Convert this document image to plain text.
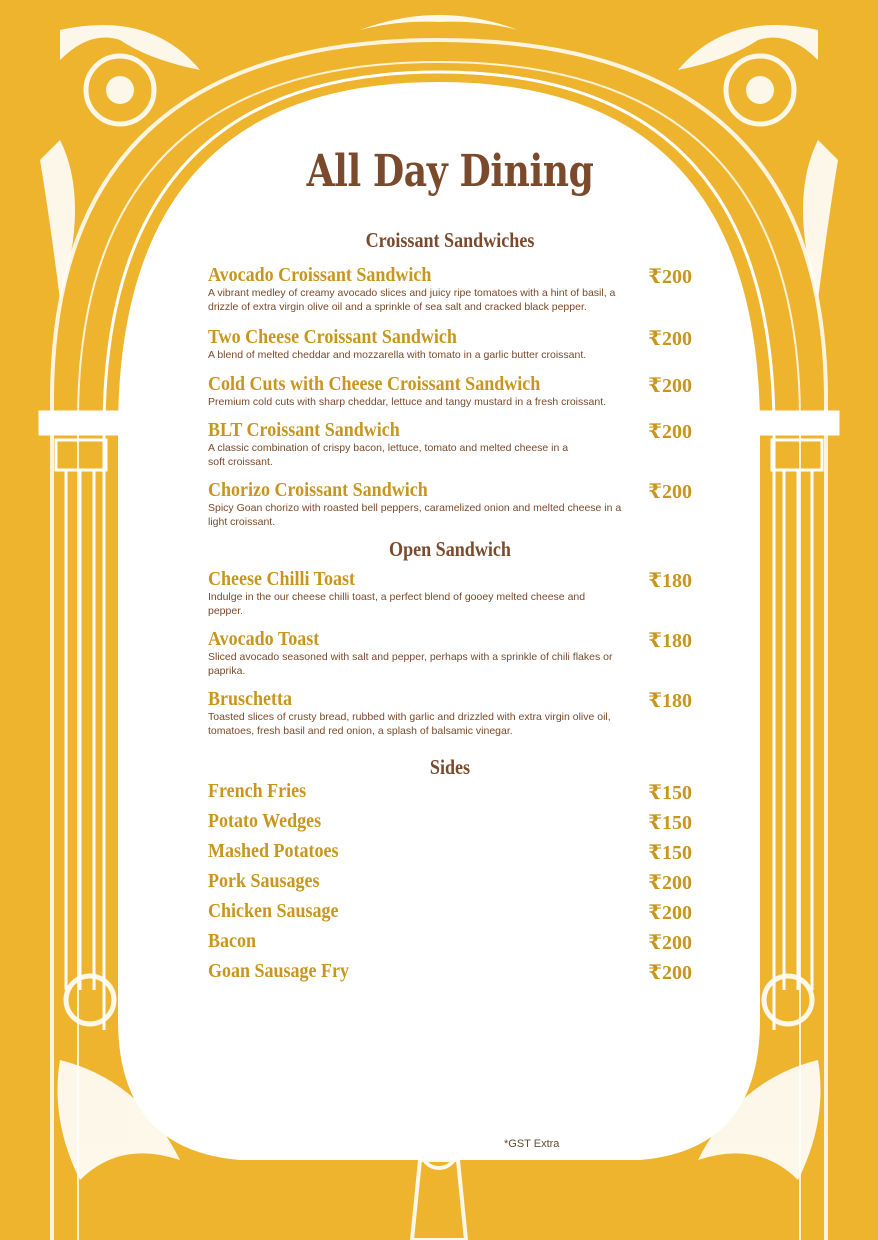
All Day Dining
Croissant Sandwiches
Avocado Croissant Sandwich	₹200
A vibrant medley of creamy avocado slices and juicy ripe tomatoes with a hint of basil, a drizzle of extra virgin olive oil and a sprinkle of sea salt and cracked black pepper.
Two Cheese Croissant Sandwich	₹200
A blend of melted cheddar and mozzarella with tomato in a garlic butter croissant.
Cold Cuts with Cheese Croissant Sandwich	₹200
Premium cold cuts with sharp cheddar, lettuce and tangy mustard in a fresh croissant.
BLT Croissant Sandwich	₹200
A classic combination of crispy bacon, lettuce, tomato and melted cheese in a soft croissant.
Chorizo Croissant Sandwich	₹200
Spicy Goan chorizo with roasted bell peppers, caramelized onion and melted cheese in a light croissant.
Open Sandwich
Cheese Chilli Toast	₹180
Indulge in the our cheese chilli toast, a perfect blend of gooey melted cheese and pepper.
Avocado Toast	₹180
Sliced avocado seasoned with salt and pepper, perhaps with a sprinkle of chili flakes or paprika.
Bruschetta	₹180
Toasted slices of crusty bread, rubbed with garlic and drizzled with extra virgin olive oil, tomatoes, fresh basil and red onion, a splash of balsamic vinegar.
Sides
French Fries	₹150
Potato Wedges	₹150
Mashed Potatoes	₹150
Pork Sausages	₹200
Chicken Sausage	₹200
Bacon	₹200
Goan Sausage Fry	₹200
*GST Extra
